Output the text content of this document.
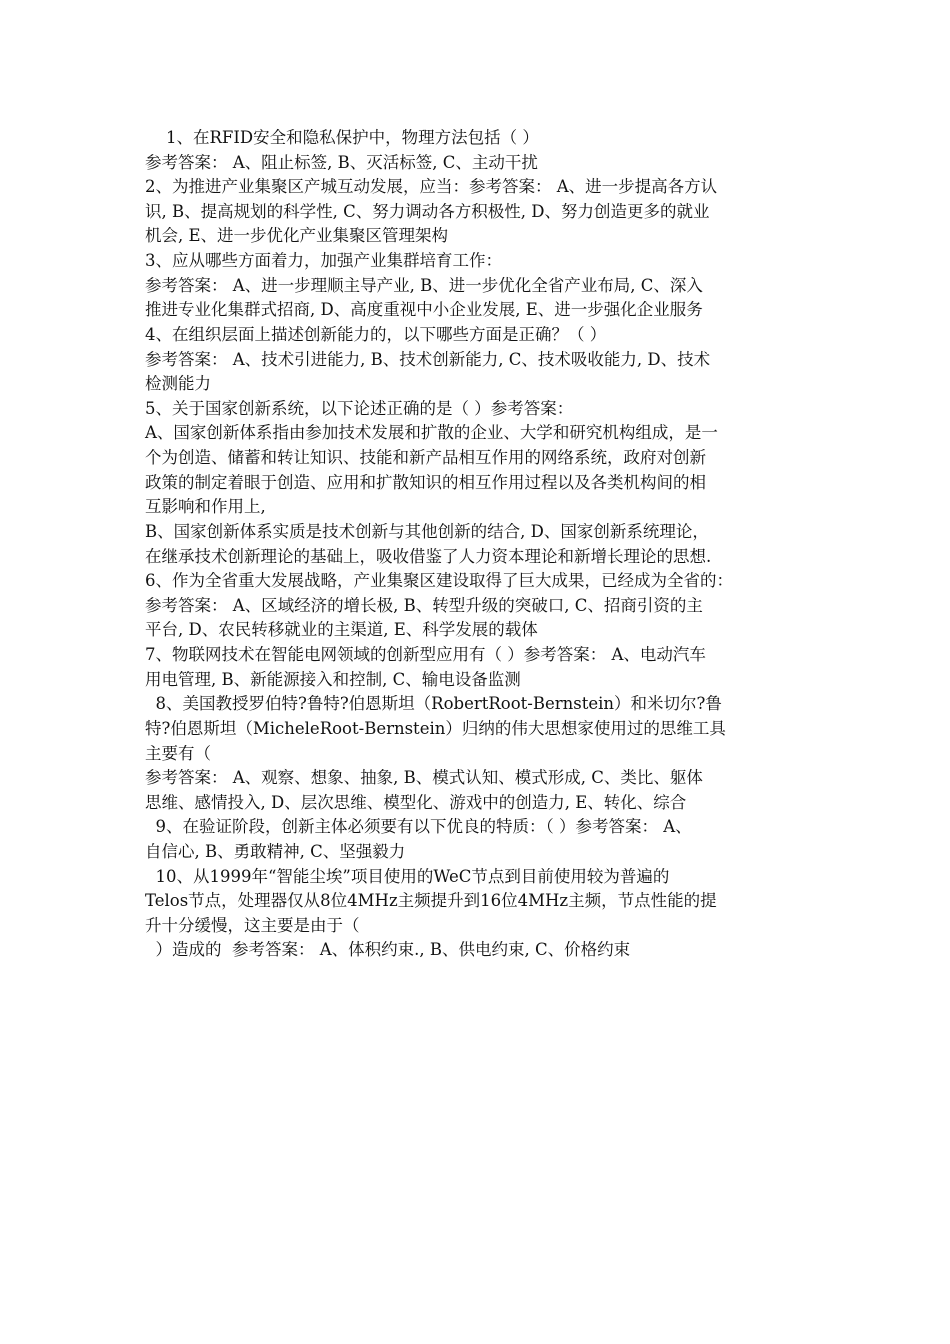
1、在RFID安全和隐私保护中，物理方法包括（ ）
参考答案： A、阻止标签, B、灭活标签, C、主动干扰
2、为推进产业集聚区产城互动发展，应当：参考答案： A、进一步提高各方认
识, B、提高规划的科学性, C、努力调动各方积极性, D、努力创造更多的就业
机会, E、进一步优化产业集聚区管理架构
3、应从哪些方面着力，加强产业集群培育工作：
参考答案： A、进一步理顺主导产业, B、进一步优化全省产业布局, C、深入
推进专业化集群式招商, D、高度重视中小企业发展, E、进一步强化企业服务
4、在组织层面上描述创新能力的，以下哪些方面是正确？（ ）
参考答案： A、技术引进能力, B、技术创新能力, C、技术吸收能力, D、技术
检测能力
5、关于国家创新系统，以下论述正确的是（ ）参考答案：
A、国家创新体系指由参加技术发展和扩散的企业、大学和研究机构组成，是一
个为创造、储蓄和转让知识、技能和新产品相互作用的网络系统，政府对创新
政策的制定着眼于创造、应用和扩散知识的相互作用过程以及各类机构间的相
互影响和作用上,
B、国家创新体系实质是技术创新与其他创新的结合, D、国家创新系统理论，
在继承技术创新理论的基础上，吸收借鉴了人力资本理论和新增长理论的思想.
6、作为全省重大发展战略，产业集聚区建设取得了巨大成果，已经成为全省的：
参考答案： A、区域经济的增长极, B、转型升级的突破口, C、招商引资的主
平台, D、农民转移就业的主渠道, E、科学发展的载体
7、物联网技术在智能电网领域的创新型应用有（ ）参考答案： A、电动汽车
用电管理, B、新能源接入和控制, C、输电设备监测
8、美国教授罗伯特?鲁特?伯恩斯坦（RobertRoot-Bernstein）和米切尔?鲁
特?伯恩斯坦（MicheleRoot-Bernstein）归纳的伟大思想家使用过的思维工具
主要有（
参考答案： A、观察、想象、抽象, B、模式认知、模式形成, C、类比、躯体
思维、感情投入, D、层次思维、模型化、游戏中的创造力, E、转化、综合
9、在验证阶段，创新主体必须要有以下优良的特质：（ ）参考答案： A、
自信心, B、勇敢精神, C、坚强毅力
10、从1999年“智能尘埃”项目使用的WeC节点到目前使用较为普遍的
Telos节点，处理器仅从8位4MHz主频提升到16位4MHz主频，节点性能的提
升十分缓慢，这主要是由于（
）造成的  参考答案： A、体积约束., B、供电约束, C、价格约束
